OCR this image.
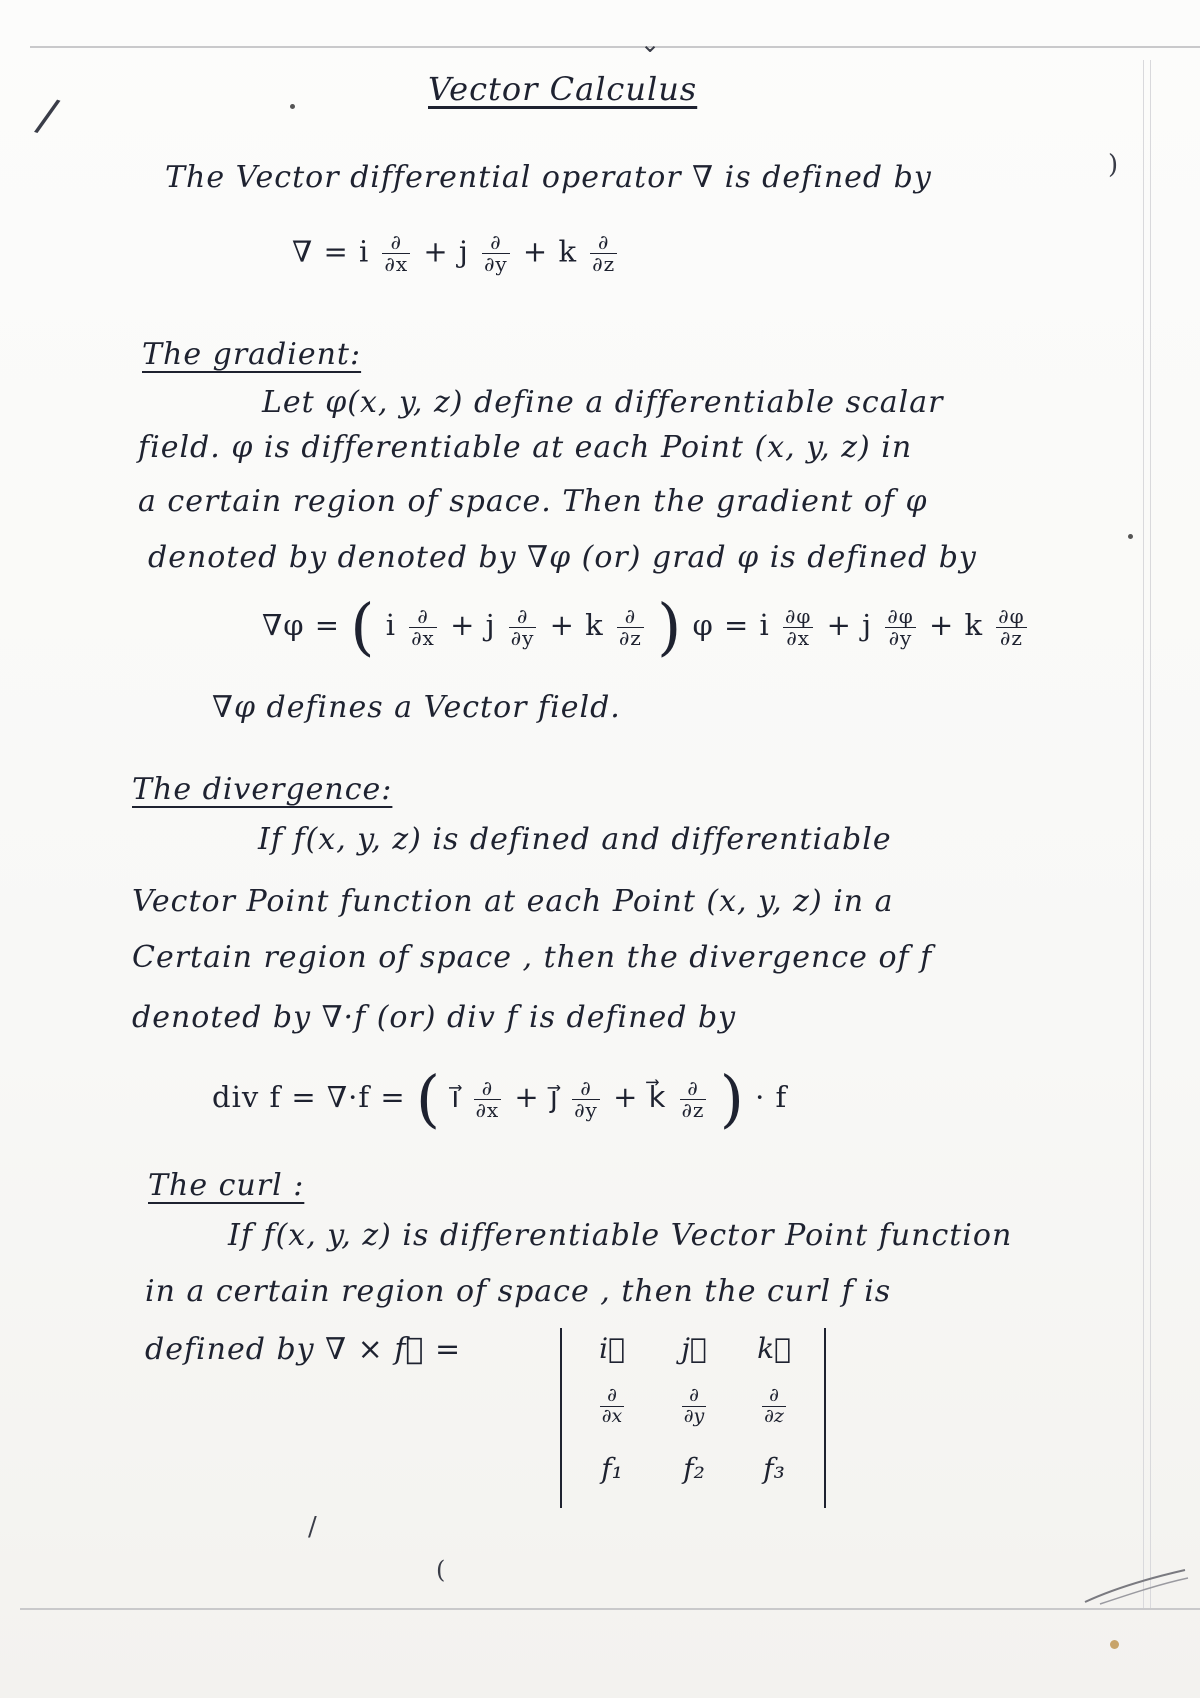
/
⌄
)
Vector Calculus
The Vector differential operator ∇ is defined by
∇ = i $\frac{\partial}{\partial x} + j \frac{\partial}{\partial y} + k \frac{\partial}{\partial z}$
The gradient:
Let φ(x, y, z) define a differentiable scalar
field. φ is differentiable at each Point (x, y, z) in
a certain region of space. Then the gradient of φ
denoted by denoted by ∇φ (or) grad φ is defined by
∇φ = ( i $\frac{\partial}{\partial x} + j \frac{\partial}{\partial y} + k \frac{\partial}{\partial z}$ ) φ = i $\frac{\partial\varphi}{\partial x} + j \frac{\partial\varphi}{\partial y} + k \frac{\partial\varphi}{\partial z}$
∇φ defines a Vector field.
The divergence:
If f(x, y, z) is defined and differentiable
Vector Point function at each Point (x, y, z) in a
Certain region of space , then the divergence of f
denoted by ∇·f (or) div f is defined by
div f = ∇·f = ( i⃗ $\frac{\partial}{\partial x}$ + j⃗ $\frac{\partial}{\partial y}$ + k⃗ $\frac{\partial}{\partial z}$ ) · f
The curl :
If f(x, y, z) is differentiable Vector Point function
in a certain region of space , then the curl f is
defined by ∇ × f⃗ =	i⃗	j⃗	k⃗
$\frac{\partial}{\partial x}$	$\frac{\partial}{\partial y}$	$\frac{\partial}{\partial z}$
f₁	f₂	f₃
/
(
